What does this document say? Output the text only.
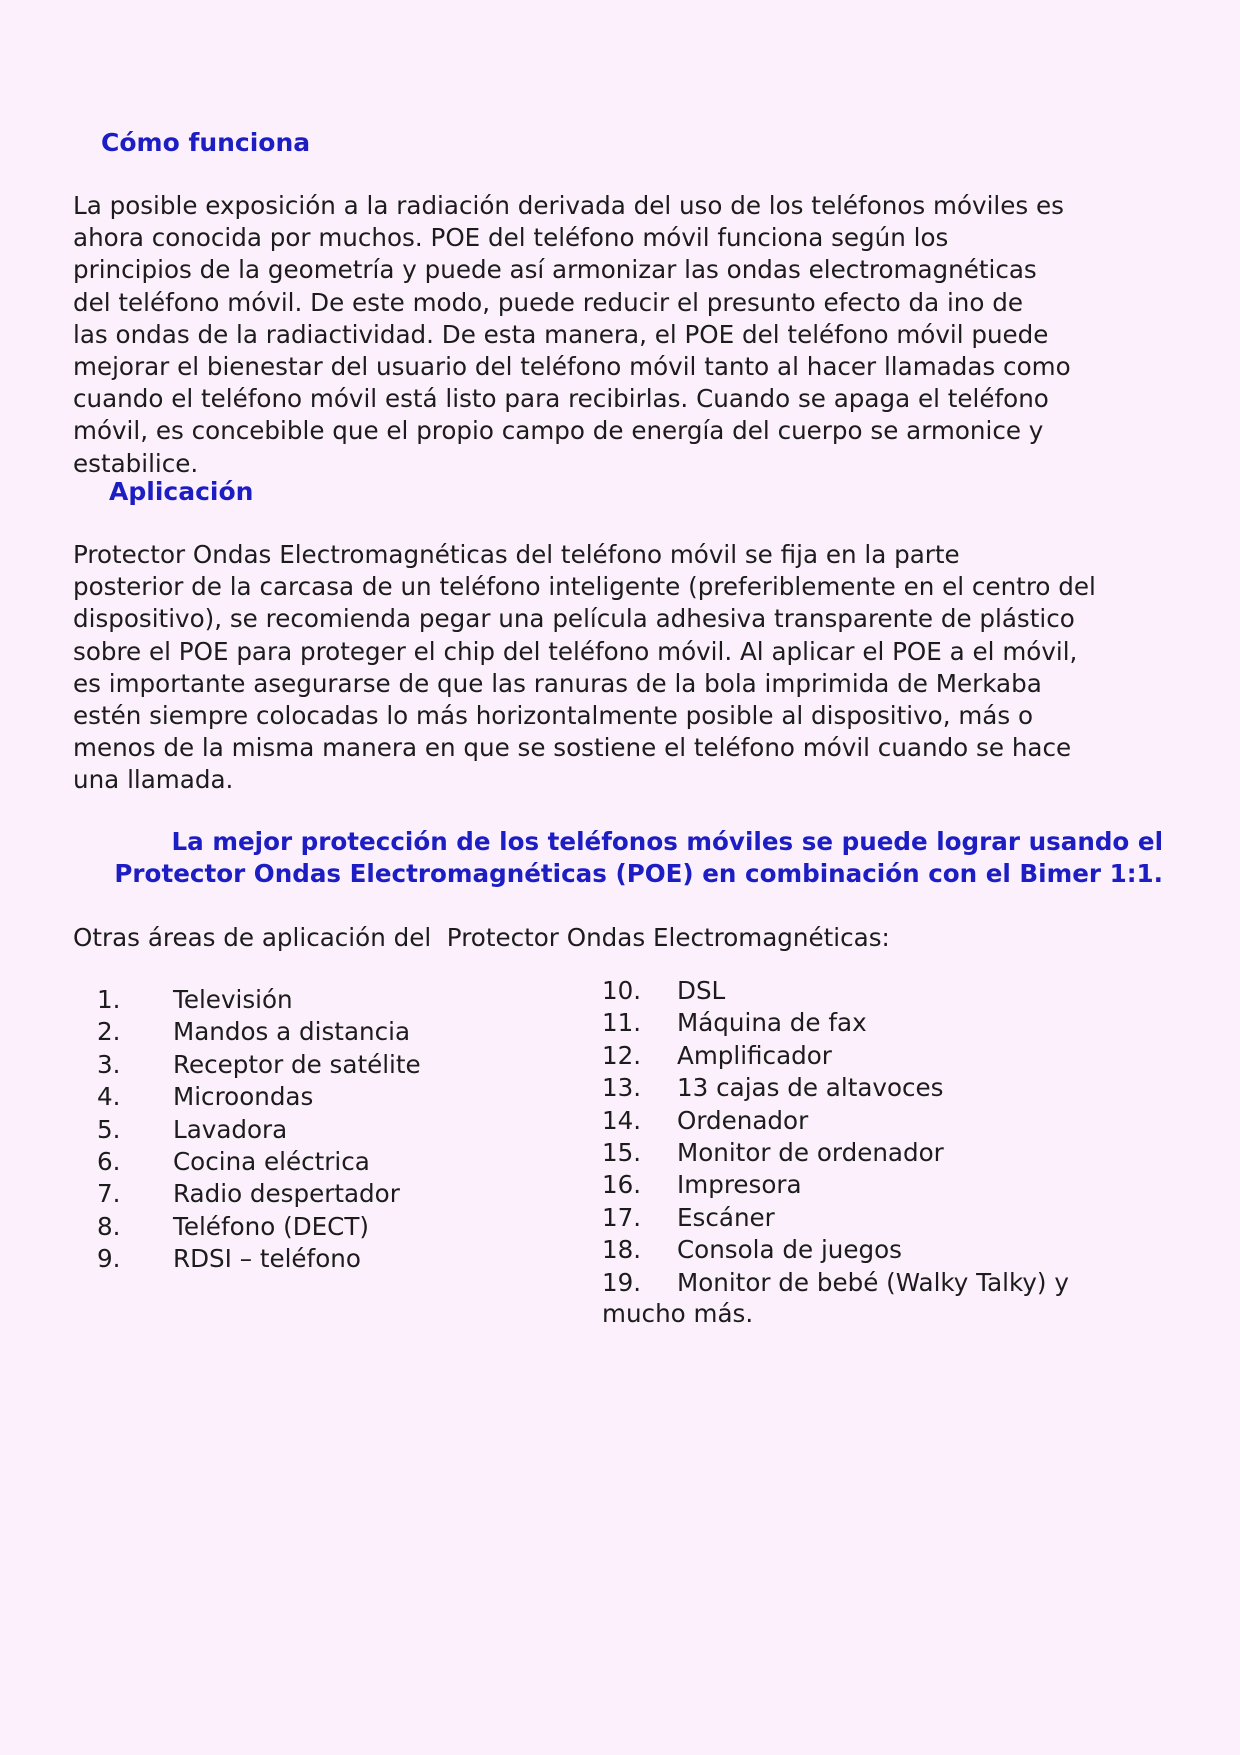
Cómo funciona

La posible exposición a la radiación derivada del uso de los teléfonos móviles es
ahora conocida por muchos. POE del teléfono móvil funciona según los
principios de la geometría y puede así armonizar las ondas electromagnéticas
del teléfono móvil. De este modo, puede reducir el presunto efecto da ino de
las ondas de la radiactividad. De esta manera, el POE del teléfono móvil puede
mejorar el bienestar del usuario del teléfono móvil tanto al hacer llamadas como
cuando el teléfono móvil está listo para recibirlas. Cuando se apaga el teléfono
móvil, es concebible que el propio campo de energía del cuerpo se armonice y
estabilice.

Aplicación

Protector Ondas Electromagnéticas del teléfono móvil se fija en la parte
posterior de la carcasa de un teléfono inteligente (preferiblemente en el centro del
dispositivo), se recomienda pegar una película adhesiva transparente de plástico
sobre el POE para proteger el chip del teléfono móvil. Al aplicar el POE a el móvil,
es importante asegurarse de que las ranuras de la bola imprimida de Merkaba
estén siempre colocadas lo más horizontalmente posible al dispositivo, más o
menos de la misma manera en que se sostiene el teléfono móvil cuando se hace
una llamada.

La mejor protección de los teléfonos móviles se puede lograr usando el
Protector Ondas Electromagnéticas (POE) en combinación con el Bimer 1:1.

Otras áreas de aplicación del  Protector Ondas Electromagnéticas:

1.	Televisión
2.	Mandos a distancia
3.	Receptor de satélite
4.	Microondas
5.	Lavadora
6.	Cocina eléctrica
7.	Radio despertador
8.	Teléfono (DECT)
9.	RDSI – teléfono
10.	DSL
11.	Máquina de fax
12.	Amplificador
13.	13 cajas de altavoces
14.	Ordenador
15.	Monitor de ordenador
16.	Impresora
17.	Escáner
18.	Consola de juegos
19.	Monitor de bebé (Walky Talky) y

mucho más.
